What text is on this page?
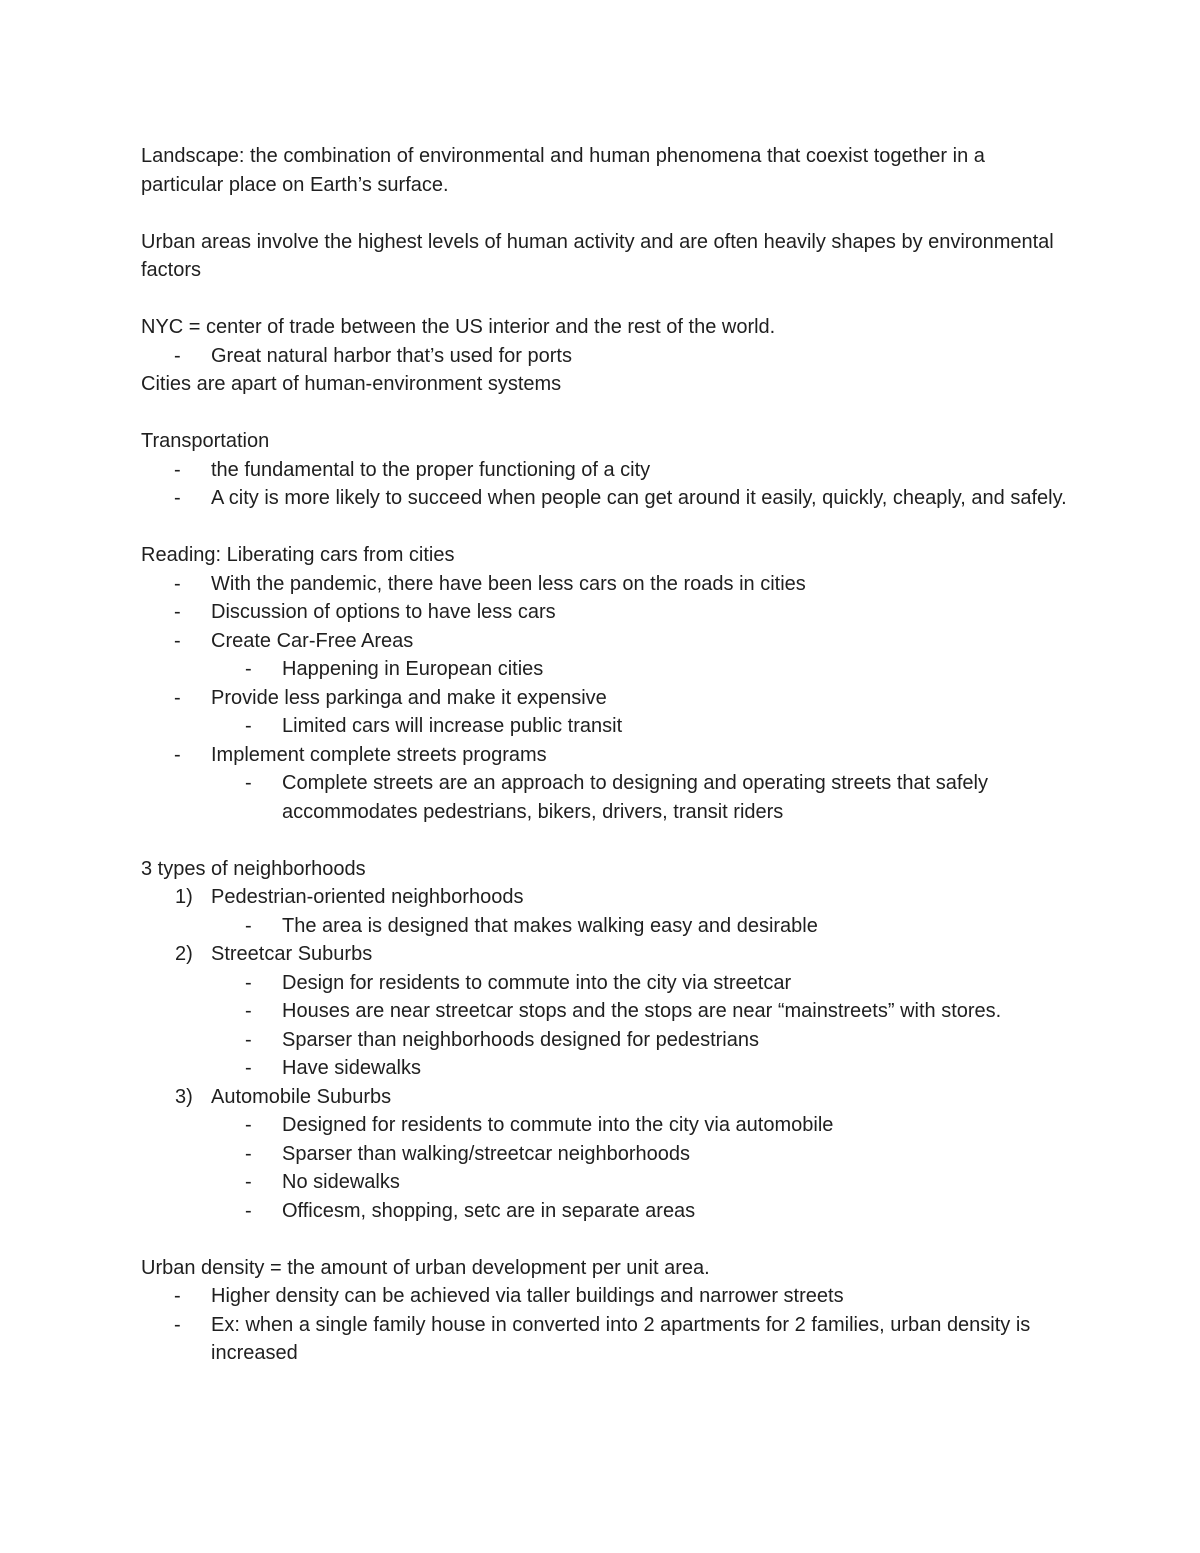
Landscape: the combination of environmental and human phenomena that coexist together in a particular place on Earth’s surface.

Urban areas involve the highest levels of human activity and are often heavily shapes by environmental factors

NYC = center of trade between the US interior and the rest of the world.

- Great natural harbor that’s used for ports

Cities are apart of human-environment systems

Transportation

- the fundamental to the proper functioning of a city
- A city is more likely to succeed when people can get around it easily, quickly, cheaply, and safely.

Reading: Liberating cars from cities

- With the pandemic, there have been less cars on the roads in cities
- Discussion of options to have less cars
- Create Car-Free Areas
- Happening in European cities
- Provide less parkinga and make it expensive
- Limited cars will increase public transit
- Implement complete streets programs
- Complete streets are an approach to designing and operating streets that safely accommodates pedestrians, bikers, drivers, transit riders

3 types of neighborhoods

1) Pedestrian-oriented neighborhoods
- The area is designed that makes walking easy and desirable
2) Streetcar Suburbs
- Design for residents to commute into the city via streetcar
- Houses are near streetcar stops and the stops are near “mainstreets” with stores.
- Sparser than neighborhoods designed for pedestrians
- Have sidewalks
3) Automobile Suburbs
- Designed for residents to commute into the city via automobile
- Sparser than walking/streetcar neighborhoods
- No sidewalks
- Officesm, shopping, setc are in separate areas

Urban density = the amount of urban development per unit area.

- Higher density can be achieved via taller buildings and narrower streets
- Ex: when a single family house in converted into 2 apartments for 2 families, urban density is increased
